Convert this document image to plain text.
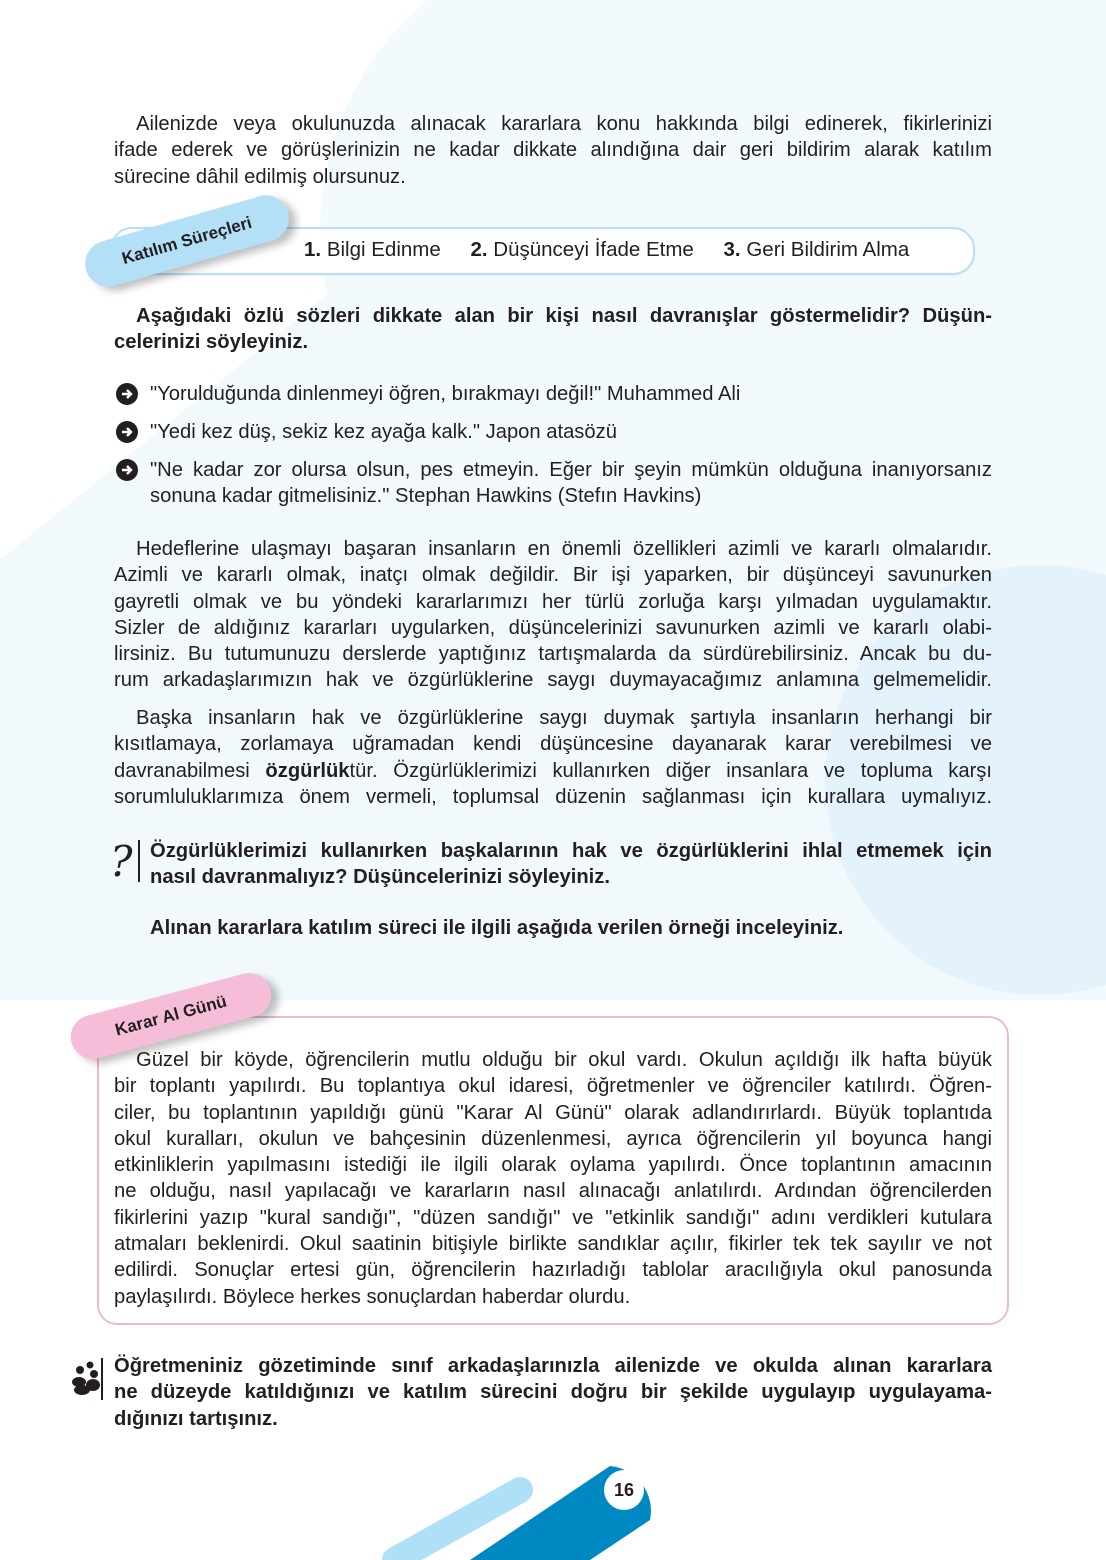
Ailenizde veya okulunuzda alınacak kararlara konu hakkında bilgi edinerek, fikirlerinizi
ifade ederek ve görüşlerinizin ne kadar dikkate alındığına dair geri bildirim alarak katılım
sürecine dâhil edilmiş olursunuz.
1. Bilgi Edinme 2. Düşünceyi İfade Etme 3. Geri Bildirim Alma
Katılım Süreçleri
Aşağıdaki özlü sözleri dikkate alan bir kişi nasıl davranışlar göstermelidir? Düşün-
celerinizi söyleyiniz.
"Yorulduğunda dinlenmeyi öğren, bırakmayı değil!" Muhammed Ali
"Yedi kez düş, sekiz kez ayağa kalk." Japon atasözü
"Ne kadar zor olursa olsun, pes etmeyin. Eğer bir şeyin mümkün olduğuna inanıyorsanız
sonuna kadar gitmelisiniz." Stephan Hawkins (Stefın Havkins)
Hedeflerine ulaşmayı başaran insanların en önemli özellikleri azimli ve kararlı olmalarıdır.
Azimli ve kararlı olmak, inatçı olmak değildir. Bir işi yaparken, bir düşünceyi savunurken
gayretli olmak ve bu yöndeki kararlarımızı her türlü zorluğa karşı yılmadan uygulamaktır.
Sizler de aldığınız kararları uygularken, düşüncelerinizi savunurken azimli ve kararlı olabi-
lirsiniz. Bu tutumunuzu derslerde yaptığınız tartışmalarda da sürdürebilirsiniz. Ancak bu du-
rum arkadaşlarımızın hak ve özgürlüklerine saygı duymayacağımız anlamına gelmemelidir.
Başka insanların hak ve özgürlüklerine saygı duymak şartıyla insanların herhangi bir
kısıtlamaya, zorlamaya uğramadan kendi düşüncesine dayanarak karar verebilmesi ve
davranabilmesi özgürlüktür. Özgürlüklerimizi kullanırken diğer insanlara ve topluma karşı
sorumluluklarımıza önem vermeli, toplumsal düzenin sağlanması için kurallara uymalıyız.
? Özgürlüklerimizi kullanırken başkalarının hak ve özgürlüklerini ihlal etmemek için
nasıl davranmalıyız? Düşüncelerinizi söyleyiniz.
Alınan kararlara katılım süreci ile ilgili aşağıda verilen örneği inceleyiniz.
Karar Al Günü
Güzel bir köyde, öğrencilerin mutlu olduğu bir okul vardı. Okulun açıldığı ilk hafta büyük
bir toplantı yapılırdı. Bu toplantıya okul idaresi, öğretmenler ve öğrenciler katılırdı. Öğren-
ciler, bu toplantının yapıldığı günü "Karar Al Günü" olarak adlandırırlardı. Büyük toplantıda
okul kuralları, okulun ve bahçesinin düzenlenmesi, ayrıca öğrencilerin yıl boyunca hangi
etkinliklerin yapılmasını istediği ile ilgili olarak oylama yapılırdı. Önce toplantının amacının
ne olduğu, nasıl yapılacağı ve kararların nasıl alınacağı anlatılırdı. Ardından öğrencilerden
fikirlerini yazıp "kural sandığı", "düzen sandığı" ve "etkinlik sandığı" adını verdikleri kutulara
atmaları beklenirdi. Okul saatinin bitişiyle birlikte sandıklar açılır, fikirler tek tek sayılır ve not
edilirdi. Sonuçlar ertesi gün, öğrencilerin hazırladığı tablolar aracılığıyla okul panosunda
paylaşılırdı. Böylece herkes sonuçlardan haberdar olurdu.
Öğretmeniniz gözetiminde sınıf arkadaşlarınızla ailenizde ve okulda alınan kararlara
ne düzeyde katıldığınızı ve katılım sürecini doğru bir şekilde uygulayıp uygulayama-
dığınızı tartışınız.
16
